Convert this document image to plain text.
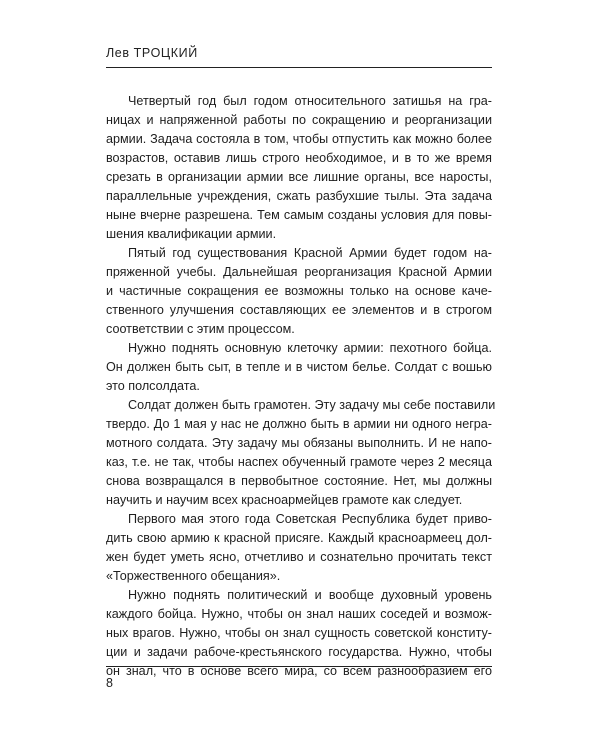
Лев ТРОЦКИЙ
Четвертый год был годом относительного затишья на гра-
ницах и напряженной работы по сокращению и реорганизации
армии. Задача состояла в том, чтобы отпустить как можно более
возрастов, оставив лишь строго необходимое, и в то же время
срезать в организации армии все лишние органы, все наросты,
параллельные учреждения, сжать разбухшие тылы. Эта задача
ныне вчерне разрешена. Тем самым созданы условия для повы-
шения квалификации армии.
Пятый год существования Красной Армии будет годом на-
пряженной учебы. Дальнейшая реорганизация Красной Армии
и частичные сокращения ее возможны только на основе каче-
ственного улучшения составляющих ее элементов и в строгом
соответствии с этим процессом.
Нужно поднять основную клеточку армии: пехотного бойца.
Он должен быть сыт, в тепле и в чистом белье. Солдат с вошью
это полсолдата.
Солдат должен быть грамотен. Эту задачу мы себе поставили
твердо. До 1 мая у нас не должно быть в армии ни одного негра-
мотного солдата. Эту задачу мы обязаны выполнить. И не напо-
каз, т.е. не так, чтобы наспех обученный грамоте через 2 месяца
снова возвращался в первобытное состояние. Нет, мы должны
научить и научим всех красноармейцев грамоте как следует.
Первого мая этого года Советская Республика будет приво-
дить свою армию к красной присяге. Каждый красноармеец дол-
жен будет уметь ясно, отчетливо и сознательно прочитать текст
«Торжественного обещания».
Нужно поднять политический и вообще духовный уровень
каждого бойца. Нужно, чтобы он знал наших соседей и возмож-
ных врагов. Нужно, чтобы он знал сущность советской конститу-
ции и задачи рабоче-крестьянского государства. Нужно, чтобы
он знал, что в основе всего мира, со всем разнообразием его
8
